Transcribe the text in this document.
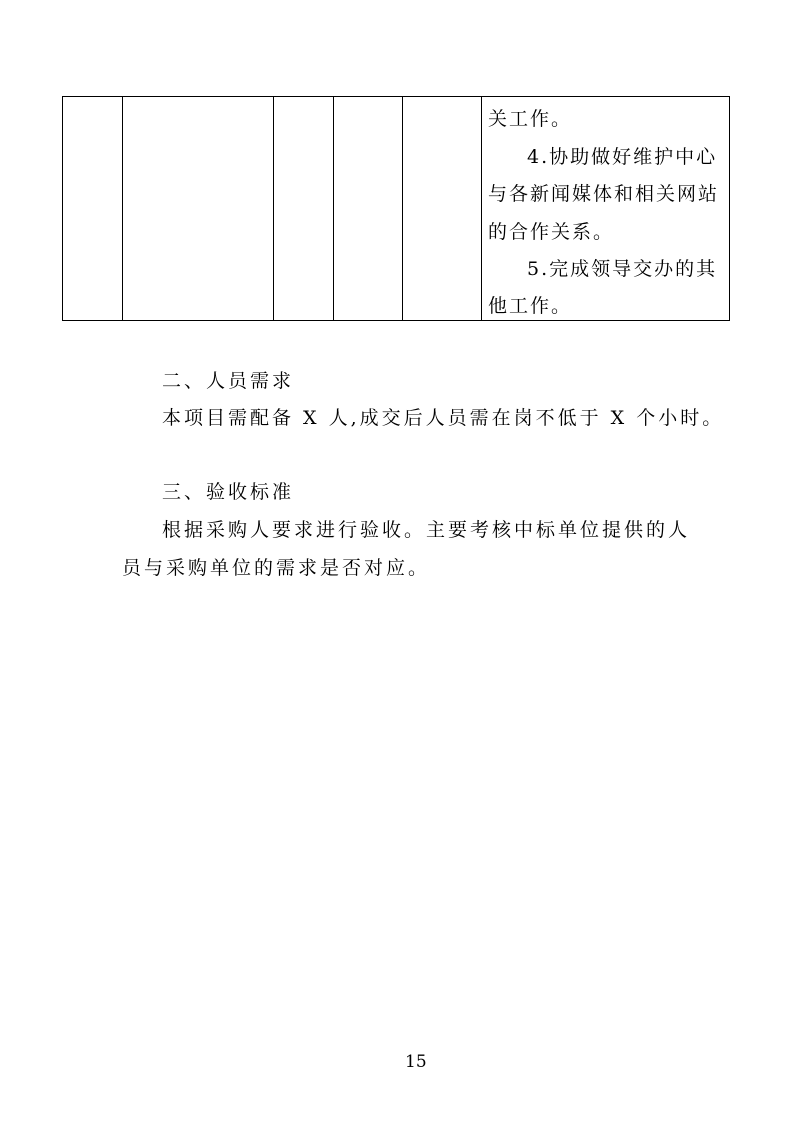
关工作。
4.协助做好维护中心
与各新闻媒体和相关网站
的合作关系。
5.完成领导交办的其
他工作。
二、人员需求
本项目需配备 X 人,成交后人员需在岗不低于 X 个小时。
三、验收标准
根据采购人要求进行验收。主要考核中标单位提供的人
员与采购单位的需求是否对应。
15
